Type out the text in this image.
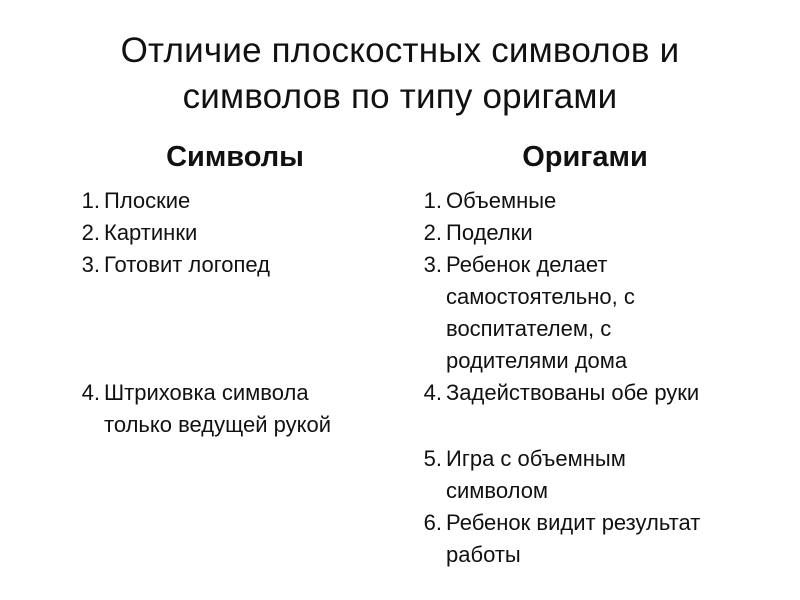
Отличие плоскостных символов и
символов по типу оригами
Символы	Оригами
1. Плоские
2. Картинки
3. Готовит логопед
4. Штриховка символа
только ведущей рукой
1. Объемные
2. Поделки
3. Ребенок делает
самостоятельно, с
воспитателем, с
родителями дома
4. Задействованы обе руки
5. Игра с объемным
символом
6. Ребенок видит результат
работы
